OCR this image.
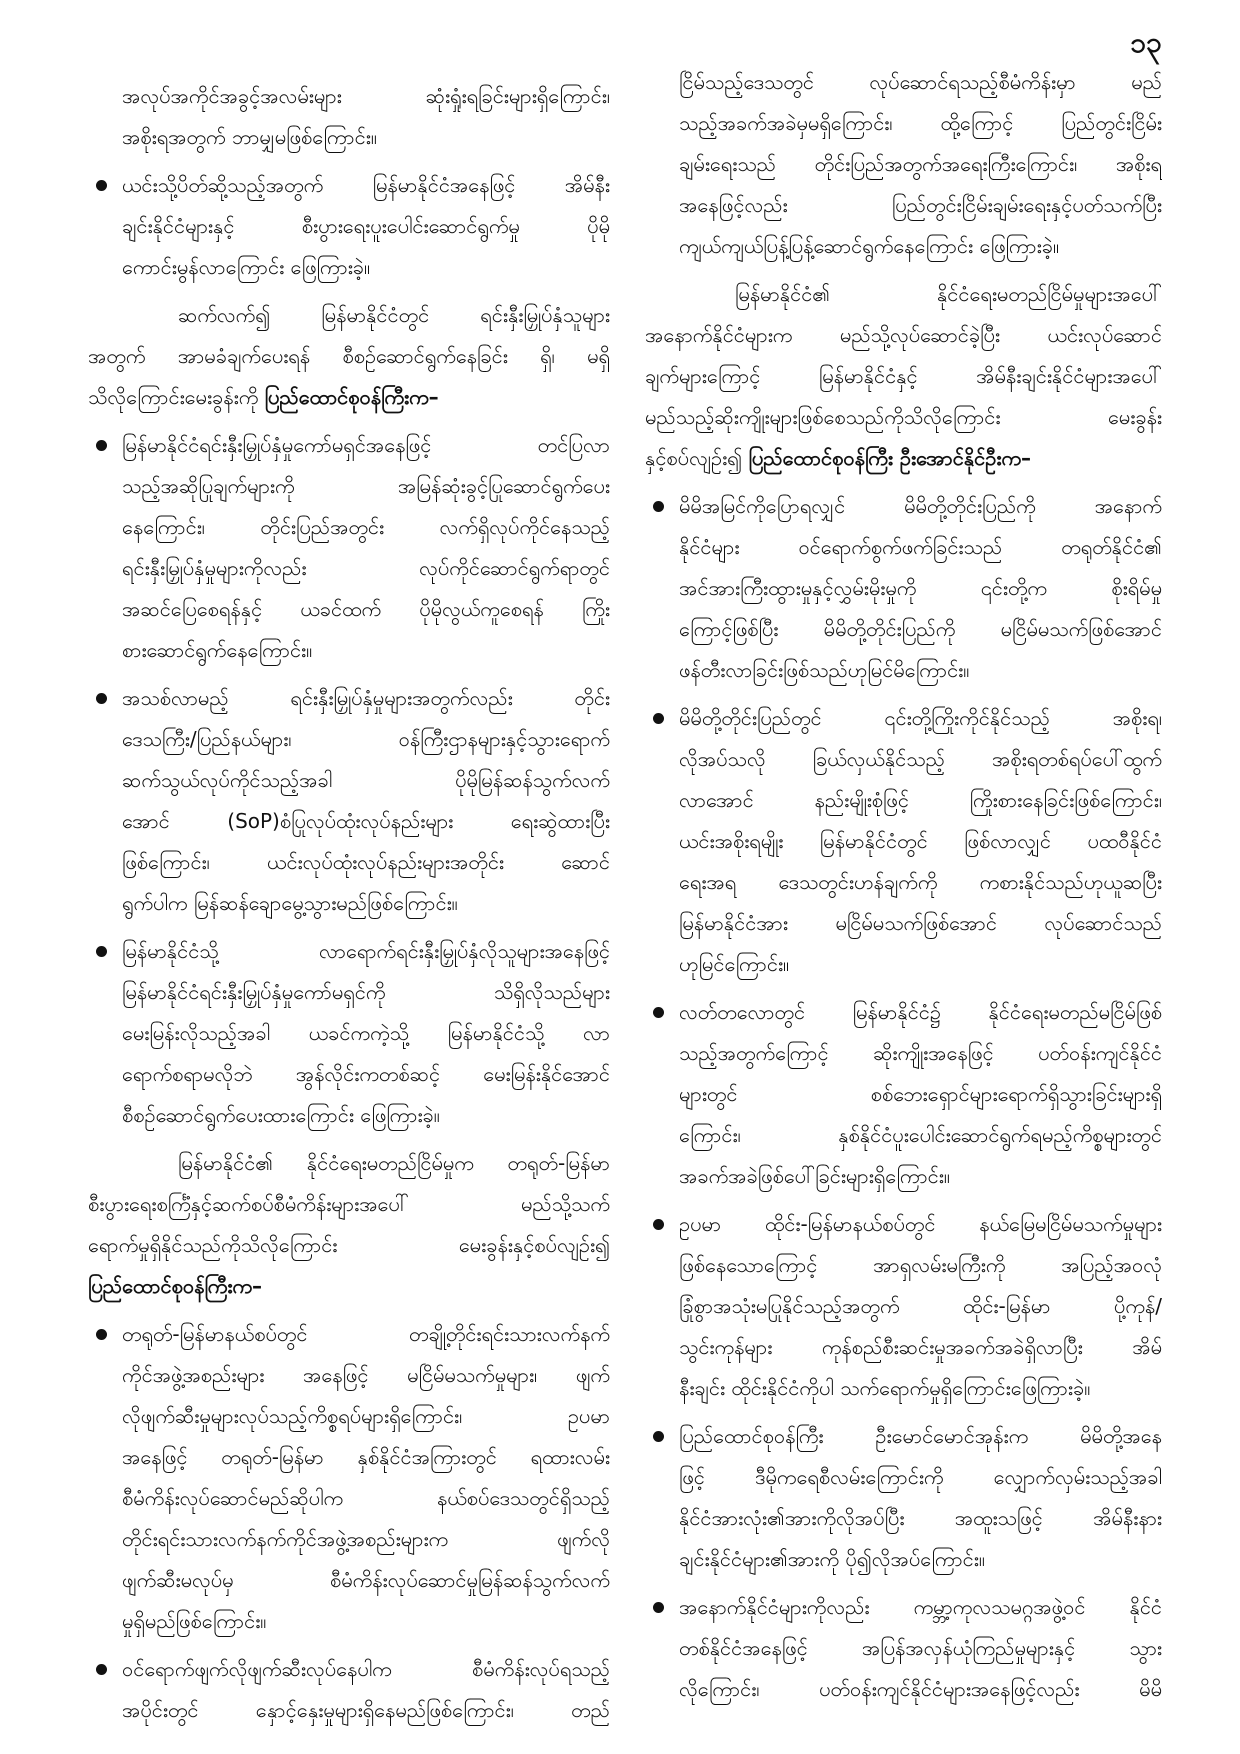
၁၃
အလုပ်အကိုင်အခွင့်အလမ်းများ ဆုံးရှုံးရခြင်းများရှိကြောင်း၊
အစိုးရအတွက် ဘာမျှမဖြစ်ကြောင်း။
ယင်းသို့ပိတ်ဆို့သည့်အတွက် မြန်မာနိုင်ငံအနေဖြင့် အိမ်နီး
ချင်းနိုင်ငံများနှင့် စီးပွားရေးပူးပေါင်းဆောင်ရွက်မှု ပိုမို
ကောင်းမွန်လာကြောင်း ဖြေကြားခဲ့။
ဆက်လက်၍ မြန်မာနိုင်ငံတွင် ရင်းနှီးမြှုပ်နှံသူများ
အတွက် အာမခံချက်ပေးရန် စီစဉ်ဆောင်ရွက်နေခြင်း ရှိ၊ မရှိ
သိလိုကြောင်းမေးခွန်းကို ပြည်ထောင်စုဝန်ကြီးက–
မြန်မာနိုင်ငံရင်းနှီးမြှုပ်နှံမှုကော်မရှင်အနေဖြင့် တင်ပြလာ
သည့်အဆိုပြုချက်များကို အမြန်ဆုံးခွင့်ပြုဆောင်ရွက်ပေး
နေကြောင်း၊ တိုင်းပြည်အတွင်း လက်ရှိလုပ်ကိုင်နေသည့်
ရင်းနှီးမြှုပ်နှံမှုများကိုလည်း လုပ်ကိုင်ဆောင်ရွက်ရာတွင်
အဆင်ပြေစေရန်နှင့် ယခင်ထက် ပိုမိုလွယ်ကူစေရန် ကြိုး
စားဆောင်ရွက်နေကြောင်း။
အသစ်လာမည့် ရင်းနှီးမြှုပ်နှံမှုများအတွက်လည်း တိုင်း
ဒေသကြီး/ပြည်နယ်များ၊ ဝန်ကြီးဌာနများနှင့်သွားရောက်
ဆက်သွယ်လုပ်ကိုင်သည့်အခါ ပိုမိုမြန်ဆန်သွက်လက်
အောင် (SoP)စံပြုလုပ်ထုံးလုပ်နည်းများ ရေးဆွဲထားပြီး
ဖြစ်ကြောင်း၊ ယင်းလုပ်ထုံးလုပ်နည်းများအတိုင်း ဆောင်
ရွက်ပါက မြန်ဆန်ချောမွေ့သွားမည်ဖြစ်ကြောင်း။
မြန်မာနိုင်ငံသို့ လာရောက်ရင်းနှီးမြှုပ်နှံလိုသူများအနေဖြင့်
မြန်မာနိုင်ငံရင်းနှီးမြှုပ်နှံမှုကော်မရှင်ကို သိရှိလိုသည်များ
မေးမြန်းလိုသည့်အခါ ယခင်ကကဲ့သို့ မြန်မာနိုင်ငံသို့ လာ
ရောက်စရာမလိုဘဲ အွန်လိုင်းကတစ်ဆင့် မေးမြန်းနိုင်အောင်
စီစဉ်ဆောင်ရွက်ပေးထားကြောင်း ဖြေကြားခဲ့။
မြန်မာနိုင်ငံ၏ နိုင်ငံရေးမတည်ငြိမ်မှုက တရုတ်-မြန်မာ
စီးပွားရေးစင်္ကြံနှင့်ဆက်စပ်စီမံကိန်းများအပေါ် မည်သို့သက်
ရောက်မှုရှိနိုင်သည်ကိုသိလိုကြောင်း မေးခွန်းနှင့်စပ်လျဉ်း၍
ပြည်ထောင်စုဝန်ကြီးက–
တရုတ်-မြန်မာနယ်စပ်တွင် တချို့တိုင်းရင်းသားလက်နက်
ကိုင်အဖွဲ့အစည်းများ အနေဖြင့် မငြိမ်မသက်မှုများ၊ ဖျက်
လိုဖျက်ဆီးမှုများလုပ်သည့်ကိစ္စရပ်များရှိကြောင်း၊ ဥပမာ
အနေဖြင့် တရုတ်-မြန်မာ နှစ်နိုင်ငံအကြားတွင် ရထားလမ်း
စီမံကိန်းလုပ်ဆောင်မည်ဆိုပါက နယ်စပ်ဒေသတွင်ရှိသည့်
တိုင်းရင်းသားလက်နက်ကိုင်အဖွဲ့အစည်းများက ဖျက်လို
ဖျက်ဆီးမလုပ်မှ စီမံကိန်းလုပ်ဆောင်မှုမြန်ဆန်သွက်လက်
မှုရှိမည်ဖြစ်ကြောင်း။
ဝင်ရောက်ဖျက်လိုဖျက်ဆီးလုပ်နေပါက စီမံကိန်းလုပ်ရသည့်
အပိုင်းတွင် နှောင့်နှေးမှုများရှိနေမည်ဖြစ်ကြောင်း၊ တည်
ငြိမ်သည့်ဒေသတွင် လုပ်ဆောင်ရသည့်စီမံကိန်းမှာ မည်
သည့်အခက်အခဲမှမရှိကြောင်း၊ ထို့ကြောင့် ပြည်တွင်းငြိမ်း
ချမ်းရေးသည် တိုင်းပြည်အတွက်အရေးကြီးကြောင်း၊ အစိုးရ
အနေဖြင့်လည်း ပြည်တွင်းငြိမ်းချမ်းရေးနှင့်ပတ်သက်ပြီး
ကျယ်ကျယ်ပြန့်ပြန့်ဆောင်ရွက်နေကြောင်း ဖြေကြားခဲ့။
မြန်မာနိုင်ငံ၏ နိုင်ငံရေးမတည်ငြိမ်မှုများအပေါ်
အနောက်နိုင်ငံများက မည်သို့လုပ်ဆောင်ခဲ့ပြီး ယင်းလုပ်ဆောင်
ချက်များကြောင့် မြန်မာနိုင်ငံနှင့် အိမ်နီးချင်းနိုင်ငံများအပေါ်
မည်သည့်ဆိုးကျိုးများဖြစ်စေသည်ကိုသိလိုကြောင်း မေးခွန်း
နှင့်စပ်လျဉ်း၍ ပြည်ထောင်စုဝန်ကြီး ဦးအောင်နိုင်ဦးက–
မိမိအမြင်ကိုပြောရလျှင် မိမိတို့တိုင်းပြည်ကို အနောက်
နိုင်ငံများ ဝင်ရောက်စွက်ဖက်ခြင်းသည် တရုတ်နိုင်ငံ၏
အင်အားကြီးထွားမှုနှင့်လွှမ်းမိုးမှုကို ၎င်းတို့က စိုးရိမ်မှု
ကြောင့်ဖြစ်ပြီး မိမိတို့တိုင်းပြည်ကို မငြိမ်မသက်ဖြစ်အောင်
ဖန်တီးလာခြင်းဖြစ်သည်ဟုမြင်မိကြောင်း။
မိမိတို့တိုင်းပြည်တွင် ၎င်းတို့ကြိုးကိုင်နိုင်သည့် အစိုးရ၊
လိုအပ်သလို ခြယ်လှယ်နိုင်သည့် အစိုးရတစ်ရပ်ပေါ်ထွက်
လာအောင် နည်းမျိုးစုံဖြင့် ကြိုးစားနေခြင်းဖြစ်ကြောင်း၊
ယင်းအစိုးရမျိုး မြန်မာနိုင်ငံတွင် ဖြစ်လာလျှင် ပထဝီနိုင်ငံ
ရေးအရ ဒေသတွင်းဟန်ချက်ကို ကစားနိုင်သည်ဟုယူဆပြီး
မြန်မာနိုင်ငံအား မငြိမ်မသက်ဖြစ်အောင် လုပ်ဆောင်သည်
ဟုမြင်ကြောင်း။
လတ်တလောတွင် မြန်မာနိုင်ငံ၌ နိုင်ငံရေးမတည်မငြိမ်ဖြစ်
သည့်အတွက်ကြောင့် ဆိုးကျိုးအနေဖြင့် ပတ်ဝန်းကျင်နိုင်ငံ
များတွင် စစ်ဘေးရှောင်များရောက်ရှိသွားခြင်းများရှိ
ကြောင်း၊ နှစ်နိုင်ငံပူးပေါင်းဆောင်ရွက်ရမည့်ကိစ္စများတွင်
အခက်အခဲဖြစ်ပေါ်ခြင်းများရှိကြောင်း။
ဥပမာ ထိုင်း-မြန်မာနယ်စပ်တွင် နယ်မြေမငြိမ်မသက်မှုများ
ဖြစ်နေသောကြောင့် အာရှလမ်းမကြီးကို အပြည့်အဝလုံ
ခြုံစွာအသုံးမပြုနိုင်သည့်အတွက် ထိုင်း-မြန်မာ ပို့ကုန်/
သွင်းကုန်များ ကုန်စည်စီးဆင်းမှုအခက်အခဲရှိလာပြီး အိမ်
နီးချင်း ထိုင်းနိုင်ငံကိုပါ သက်ရောက်မှုရှိကြောင်းဖြေကြားခဲ့။
ပြည်ထောင်စုဝန်ကြီး ဦးမောင်မောင်အုန်းက မိမိတို့အနေ
ဖြင့် ဒီမိုကရေစီလမ်းကြောင်းကို လျှောက်လှမ်းသည့်အခါ
နိုင်ငံအားလုံး၏အားကိုလိုအပ်ပြီး အထူးသဖြင့် အိမ်နီးနား
ချင်းနိုင်ငံများ၏အားကို ပို၍လိုအပ်ကြောင်း။
အနောက်နိုင်ငံများကိုလည်း ကမ္ဘာ့ကုလသမဂ္ဂအဖွဲ့ဝင် နိုင်ငံ
တစ်နိုင်ငံအနေဖြင့် အပြန်အလှန်ယုံကြည်မှုများနှင့် သွား
လိုကြောင်း၊ ပတ်ဝန်းကျင်နိုင်ငံများအနေဖြင့်လည်း မိမိ
